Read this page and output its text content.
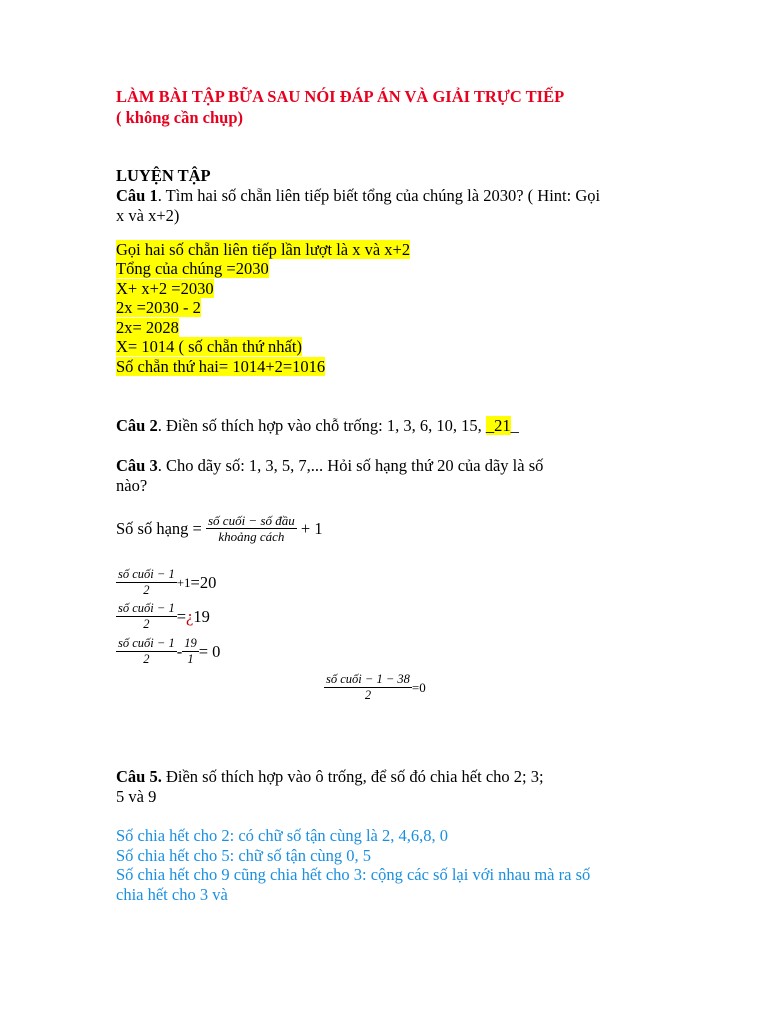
LÀM BÀI TẬP BỮA SAU NÓI ĐÁP ÁN VÀ GIẢI TRỰC TIẾP
( không cần chụp)
LUYỆN TẬP
Câu 1. Tìm hai số chẵn liên tiếp biết tổng của chúng là 2030? ( Hint: Gọi
x và x+2)
Gọi hai số chẵn liên tiếp lần lượt là x và x+2
Tổng của chúng =2030
X+ x+2 =2030
2x =2030 - 2
2x= 2028
X= 1014 ( số chẵn thứ nhất)
Số chẵn thứ hai= 1014+2=1016
Câu 2. Điền số thích hợp vào chỗ trống: 1, 3, 6, 10, 15, _21_
Câu 3. Cho dãy số: 1, 3, 5, 7,... Hỏi số hạng thứ 20 của dãy là số
nào?
Số số hạng = $\frac{\text{số cuối − số đầu}}{\text{khoảng cách}} + 1$
$\frac{\text{số cuối − 1}}{2} +1=20$
$\frac{\text{số cuối − 1}}{2}$ =¿19
$\frac{\text{số cuối − 1}}{2} - \frac{19}{1} = 0$
$\frac{\text{số cuối − 1 − 38}}{2} =0$
Câu 5. Điền số thích hợp vào ô trống, để số đó chia hết cho 2; 3;
5 và 9
Số chia hết cho 2: có chữ số tận cùng là 2, 4,6,8, 0
Số chia hết cho 5: chữ số tận cùng 0, 5
Số chia hết cho 9 cũng chia hết cho 3: cộng các số lại với nhau mà ra số
chia hết cho 3 và
